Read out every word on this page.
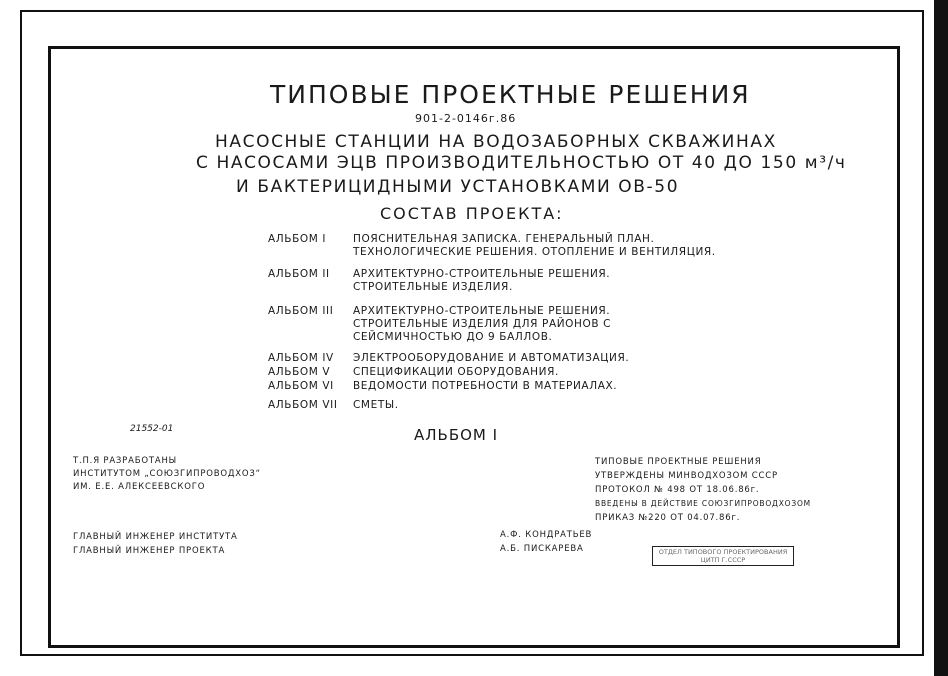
ТИПОВЫЕ ПРОЕКТНЫЕ РЕШЕНИЯ
901-2-0146г.86
НАСОСНЫЕ СТАНЦИИ НА ВОДОЗАБОРНЫХ СКВАЖИНАХ
С НАСОСАМИ ЭЦВ ПРОИЗВОДИТЕЛЬНОСТЬЮ ОТ 40 ДО 150 м³/ч
И БАКТЕРИЦИДНЫМИ УСТАНОВКАМИ ОВ-50
СОСТАВ ПРОЕКТА:
АЛЬБОМ I	ПОЯСНИТЕЛЬНАЯ ЗАПИСКА. ГЕНЕРАЛЬНЫЙ ПЛАН.
ТЕХНОЛОГИЧЕСКИЕ РЕШЕНИЯ. ОТОПЛЕНИЕ И ВЕНТИЛЯЦИЯ.
АЛЬБОМ II АРХИТЕКТУРНО-СТРОИТЕЛЬНЫЕ РЕШЕНИЯ.
СТРОИТЕЛЬНЫЕ ИЗДЕЛИЯ.
АЛЬБОМ III АРХИТЕКТУРНО-СТРОИТЕЛЬНЫЕ РЕШЕНИЯ.
СТРОИТЕЛЬНЫЕ ИЗДЕЛИЯ ДЛЯ РАЙОНОВ С
СЕЙСМИЧНОСТЬЮ ДО 9 БАЛЛОВ.
АЛЬБОМ IV ЭЛЕКТРООБОРУДОВАНИЕ И АВТОМАТИЗАЦИЯ.
АЛЬБОМ V СПЕЦИФИКАЦИИ ОБОРУДОВАНИЯ.
АЛЬБОМ VI ВЕДОМОСТИ ПОТРЕБНОСТИ В МАТЕРИАЛАХ.
АЛЬБОМ VII СМЕТЫ.
21552-01	АЛЬБОМ I
Т.П.Я РАЗРАБОТАНЫ
ИНСТИТУТОМ „СОЮЗГИПРОВОДХОЗ“
ИМ. Е.Е. АЛЕКСЕЕВСКОГО
ГЛАВНЫЙ ИНЖЕНЕР ИНСТИТУТА
ГЛАВНЫЙ ИНЖЕНЕР ПРОЕКТА
ТИПОВЫЕ ПРОЕКТНЫЕ РЕШЕНИЯ
УТВЕРЖДЕНЫ МИНВОДХОЗОМ СССР
ПРОТОКОЛ № 498 ОТ 18.06.86г.
ВВЕДЕНЫ В ДЕЙСТВИЕ СОЮЗГИПРОВОДХОЗОМ
ПРИКАЗ №220 ОТ 04.07.86г.
А.Ф. КОНДРАТЬЕВ
А.Б. ПИСКАРЕВА	ОТДЕЛ ТИПОВОГО ПРОЕКТИРОВАНИЯ
ЦИТП Г.СССР
